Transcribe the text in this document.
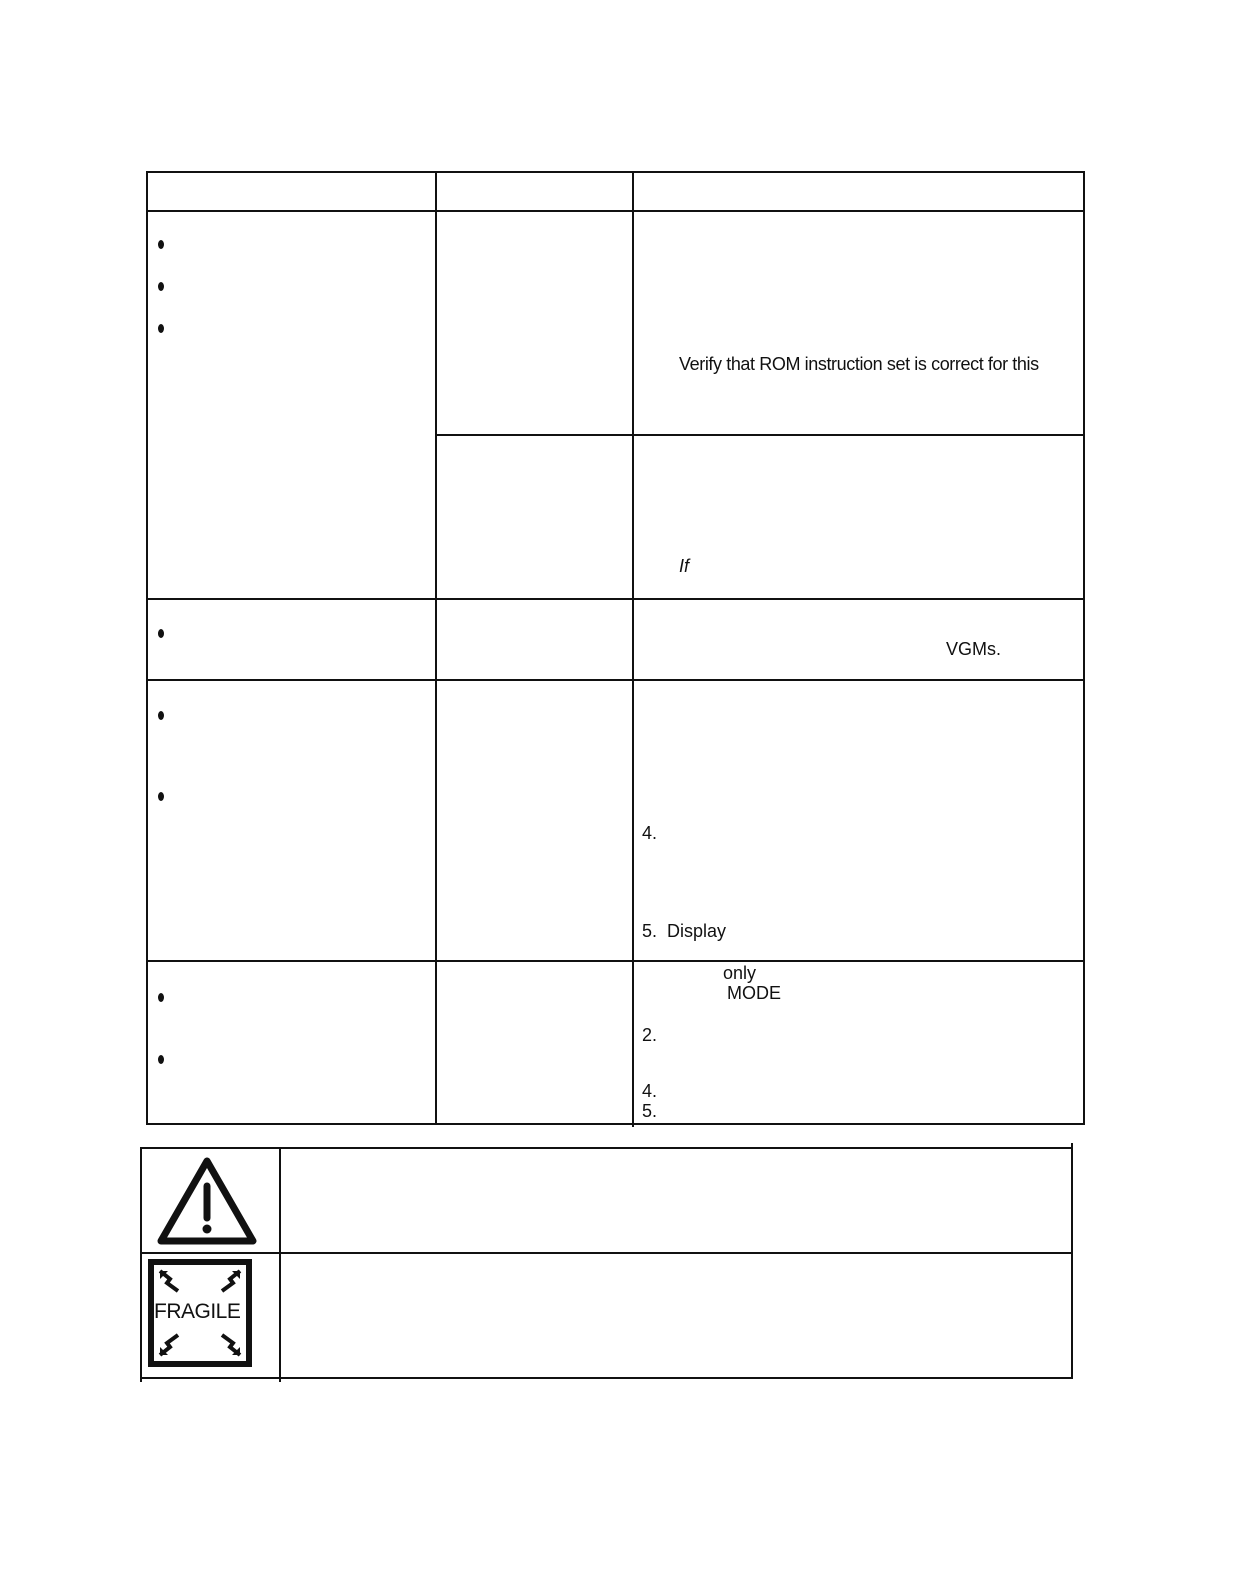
Verify that ROM instruction set is correct for this
If
VGMs.
4.
5. Display
only
MODE
2.
4.
5.
FRAGILE
